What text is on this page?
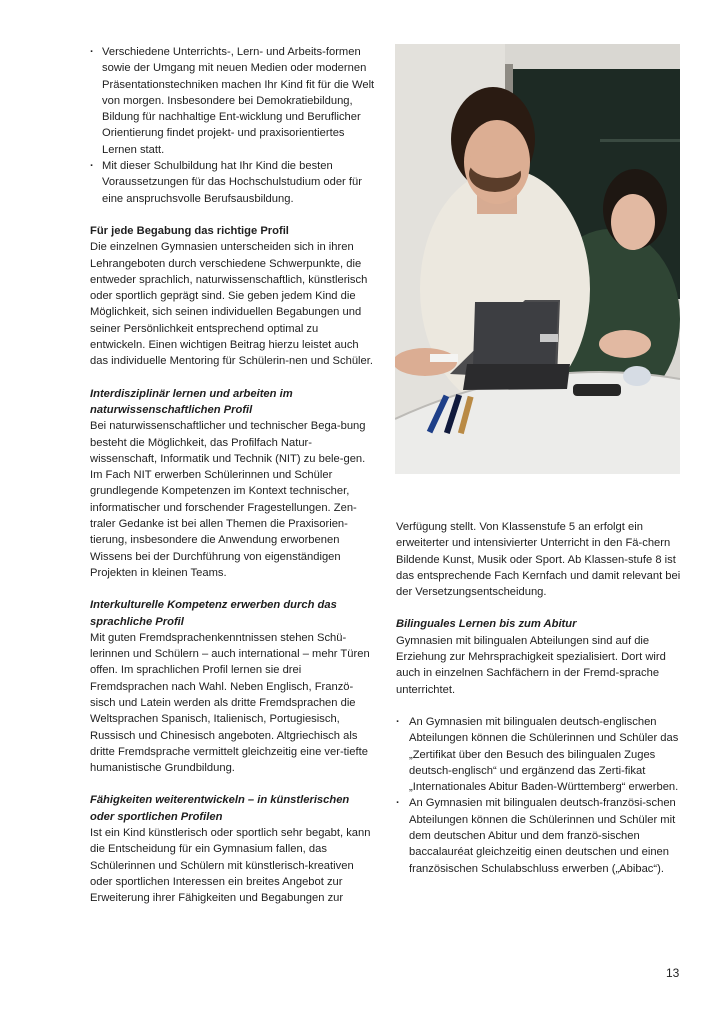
· Verschiedene Unterrichts-, Lern- und Arbeits-formen sowie der Umgang mit neuen Medien oder modernen Präsentationstechniken machen Ihr Kind fit für die Welt von morgen. Insbesondere bei Demokratiebildung, Bildung für nachhaltige Ent-wicklung und Beruflicher Orientierung findet projekt- und praxisorientiertes Lernen statt.
· Mit dieser Schulbildung hat Ihr Kind die besten Voraussetzungen für das Hochschulstudium oder für eine anspruchsvolle Berufsausbildung.
Für jede Begabung das richtige Profil

Die einzelnen Gymnasien unterscheiden sich in ihren Lehrangeboten durch verschiedene Schwerpunkte, die entweder sprachlich, naturwissenschaftlich, künstlerisch oder sportlich geprägt sind. Sie geben jedem Kind die Möglichkeit, sich seinen individuellen Begabungen und seiner Persönlichkeit entsprechend optimal zu entwickeln. Einen wichtigen Beitrag hierzu leistet auch das individuelle Mentoring für Schülerin-nen und Schüler.

Interdisziplinär lernen und arbeiten im naturwissenschaftlichen Profil

Bei naturwissenschaftlicher und technischer Bega-bung besteht die Möglichkeit, das Profilfach Natur-wissenschaft, Informatik und Technik (NIT) zu bele-gen. Im Fach NIT erwerben Schülerinnen und Schüler grundlegende Kompetenzen im Kontext technischer, informatischer und forschender Fragestellungen. Zen-traler Gedanke ist bei allen Themen die Praxisorien-tierung, insbesondere die Anwendung erworbenen Wissens bei der Durchführung von eigenständigen Projekten in kleinen Teams.

Interkulturelle Kompetenz erwerben durch das sprachliche Profil

Mit guten Fremdsprachenkenntnissen stehen Schü-lerinnen und Schülern – auch international – mehr Türen offen. Im sprachlichen Profil lernen sie drei Fremdsprachen nach Wahl. Neben Englisch, Franzö-sisch und Latein werden als dritte Fremdsprachen die Weltsprachen Spanisch, Italienisch, Portugiesisch, Russisch und Chinesisch angeboten. Altgriechisch als dritte Fremdsprache vermittelt gleichzeitig eine ver-tiefte humanistische Grundbildung.

Fähigkeiten weiterentwickeln – in künstlerischen oder sportlichen Profilen

Ist ein Kind künstlerisch oder sportlich sehr begabt, kann die Entscheidung für ein Gymnasium fallen, das Schülerinnen und Schülern mit künstlerisch-kreativen oder sportlichen Interessen ein breites Angebot zur Erweiterung ihrer Fähigkeiten und Begabungen zur

Verfügung stellt. Von Klassenstufe 5 an erfolgt ein erweiterter und intensivierter Unterricht in den Fä-chern Bildende Kunst, Musik oder Sport. Ab Klassen-stufe 8 ist das entsprechende Fach Kernfach und damit relevant bei der Versetzungsentscheidung.

Bilinguales Lernen bis zum Abitur

Gymnasien mit bilingualen Abteilungen sind auf die Erziehung zur Mehrsprachigkeit spezialisiert. Dort wird auch in einzelnen Sachfächern in der Fremd-sprache unterrichtet.

· An Gymnasien mit bilingualen deutsch-englischen Abteilungen können die Schülerinnen und Schüler das „Zertifikat über den Besuch des bilingualen Zuges deutsch-englisch“ und ergänzend das Zerti-fikat „Internationales Abitur Baden-Württemberg“ erwerben.
· An Gymnasien mit bilingualen deutsch-französi-schen Abteilungen können die Schülerinnen und Schüler mit dem deutschen Abitur und dem franzö-sischen baccalauréat gleichzeitig einen deutschen und einen französischen Schulabschluss erwerben („Abibac“).
13
